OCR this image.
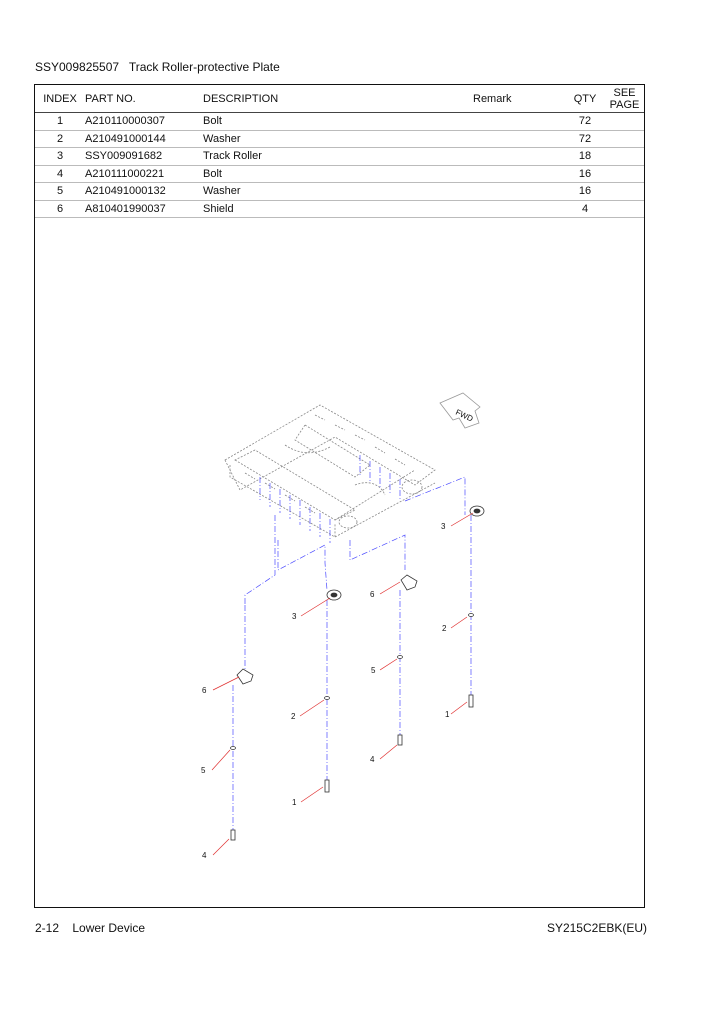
SSY009825507   Track Roller-protective Plate
INDEX	PART NO.	DESCRIPTION	Remark	QTY	SEE PAGE
1	A210110000307	Bolt		72	
2	A210491000144	Washer		72	
3	SSY009091682	Track Roller		18	
4	A210111000221	Bolt		16	
5	A210491000132	Washer		16	
6	A810401990037	Shield		4	
FWD
3
6
3
2
5
6
2	1
4
1
5
4
2-12    Lower Device	SY215C2EBK(EU)
